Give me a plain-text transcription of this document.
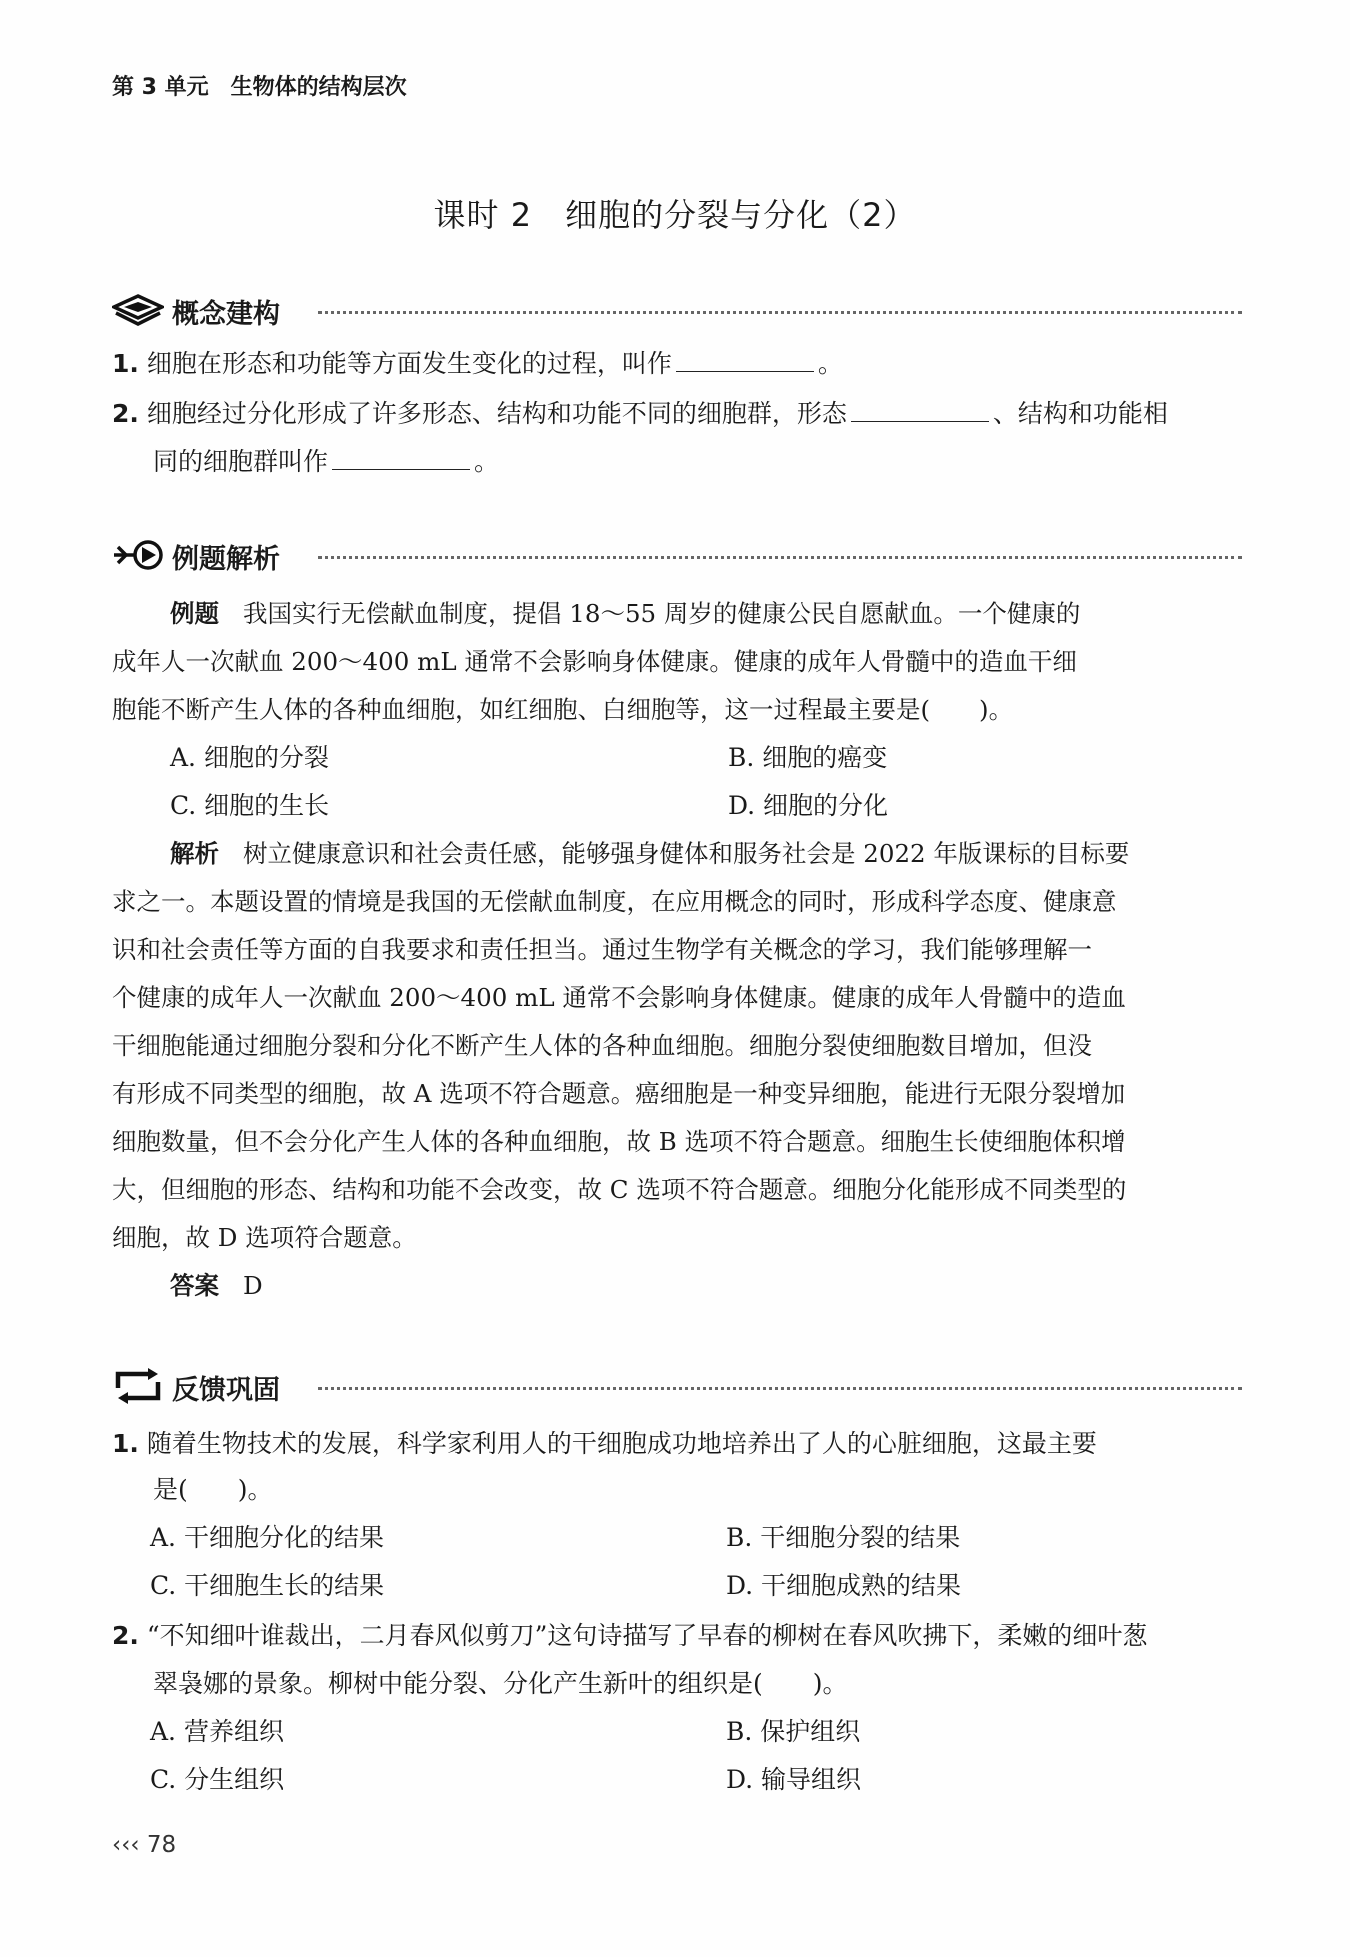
第 3 单元　生物体的结构层次
课时 2　细胞的分裂与分化（2）
概念建构
1. 细胞在形态和功能等方面发生变化的过程，叫作	。
2. 细胞经过分化形成了许多形态、结构和功能不同的细胞群，形态	、结构和功能相
同的细胞群叫作	。
例题解析
例题 我国实行无偿献血制度，提倡 18～55 周岁的健康公民自愿献血。一个健康的
成年人一次献血 200～400 mL 通常不会影响身体健康。健康的成年人骨髓中的造血干细
胞能不断产生人体的各种血细胞，如红细胞、白细胞等，这一过程最主要是(　　)。
A. 细胞的分裂	B. 细胞的癌变
C. 细胞的生长	D. 细胞的分化
解析 树立健康意识和社会责任感，能够强身健体和服务社会是 2022 年版课标的目标要
求之一。本题设置的情境是我国的无偿献血制度，在应用概念的同时，形成科学态度、健康意
识和社会责任等方面的自我要求和责任担当。通过生物学有关概念的学习，我们能够理解一
个健康的成年人一次献血 200～400 mL 通常不会影响身体健康。健康的成年人骨髓中的造血
干细胞能通过细胞分裂和分化不断产生人体的各种血细胞。细胞分裂使细胞数目增加，但没
有形成不同类型的细胞，故 A 选项不符合题意。癌细胞是一种变异细胞，能进行无限分裂增加
细胞数量，但不会分化产生人体的各种血细胞，故 B 选项不符合题意。细胞生长使细胞体积增
大，但细胞的形态、结构和功能不会改变，故 C 选项不符合题意。细胞分化能形成不同类型的
细胞，故 D 选项符合题意。
答案 D
反馈巩固
1. 随着生物技术的发展，科学家利用人的干细胞成功地培养出了人的心脏细胞，这最主要
是(　　)。
A. 干细胞分化的结果	B. 干细胞分裂的结果
C. 干细胞生长的结果	D. 干细胞成熟的结果
2. “不知细叶谁裁出，二月春风似剪刀”这句诗描写了早春的柳树在春风吹拂下，柔嫩的细叶葱
翠袅娜的景象。柳树中能分裂、分化产生新叶的组织是(　　)。
A. 营养组织	B. 保护组织
C. 分生组织	D. 输导组织
‹‹‹ 78
